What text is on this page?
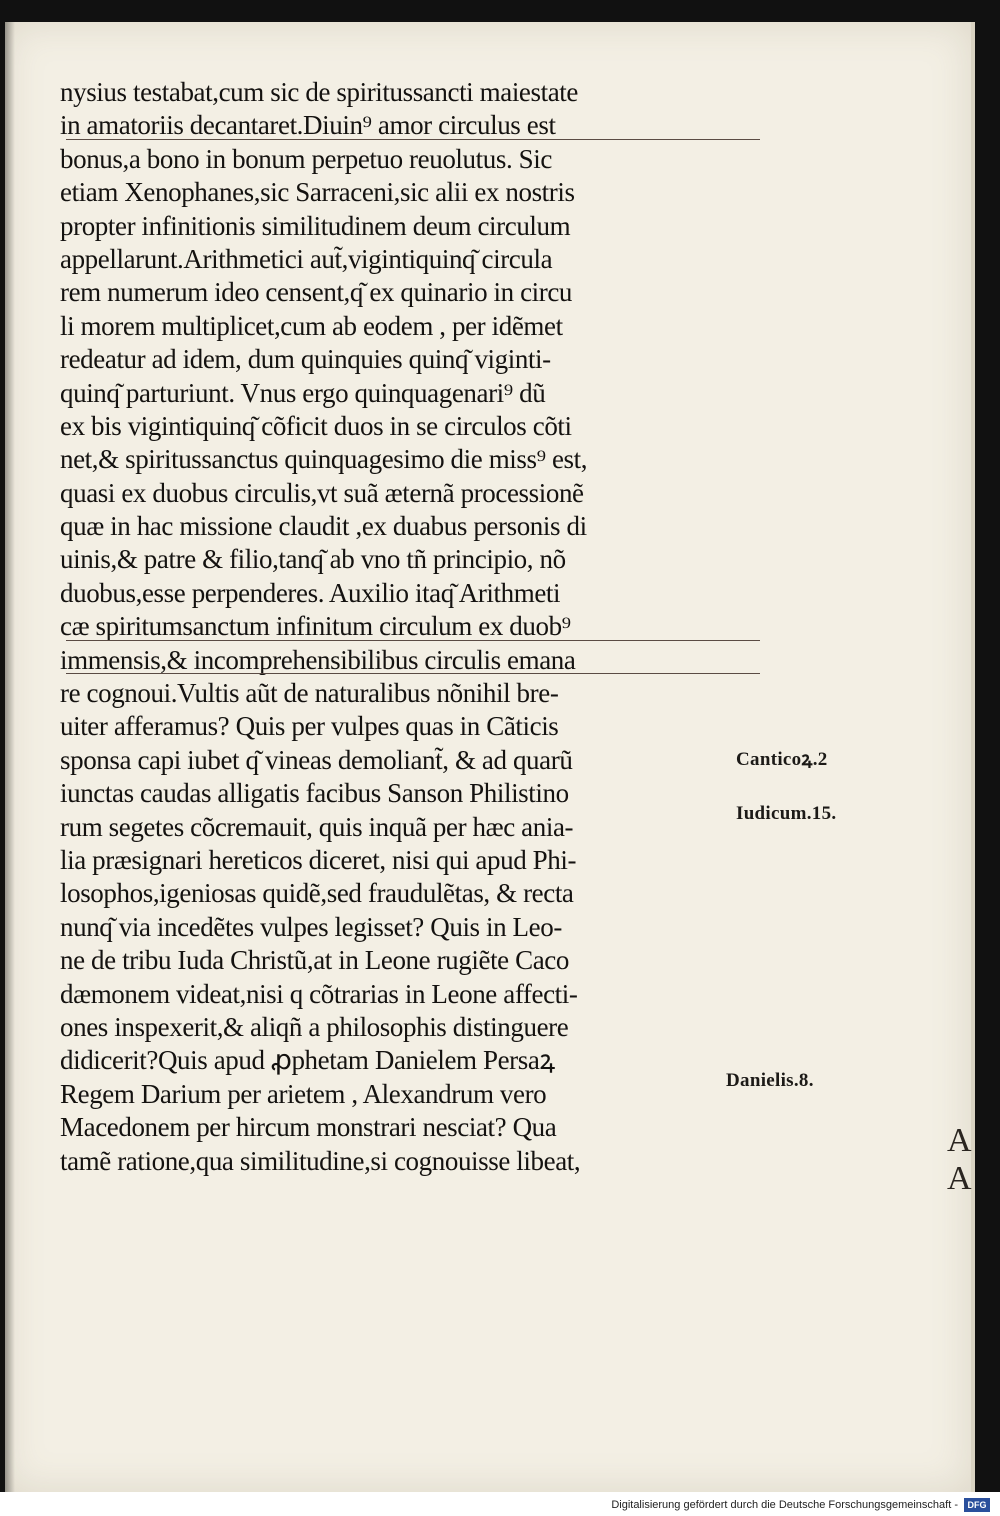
nysius testabat,cum sic de spiritussancti maiestate
in amatoriis decantaret.Diuin⁹ amor circulus est
bonus,a bono in bonum perpetuo reuolutus. Sic
etiam Xenophanes,sic Sarraceni,sic alii ex nostris
propter infinitionis similitudinem deum circulum
appellarunt.Arithmetici aut̃,vigintiquinq͂ circula
rem numerum ideo censent,q͂ ex quinario in circu
li morem multiplicet,cum ab eodem , per idẽmet
redeatur ad idem, dum quinquies quinq͂ viginti-
quinq͂ parturiunt. Vnus ergo quinquagenari⁹ dũ
ex bis vigintiquinq͂ cõficit duos in se circulos cõti
net,& spiritussanctus quinquagesimo die miss⁹ est,
quasi ex duobus circulis,vt suã æternã processionẽ
quæ in hac missione claudit ,ex duabus personis di
uinis,& patre & filio,tanq͂ ab vno tñ principio, nõ
duobus,esse perpenderes. Auxilio itaq͂ Arithmeti
cæ spiritumsanctum infinitum circulum ex duob⁹
immensis,& incomprehensibilibus circulis emana
re cognoui.Vultis aũt de naturalibus nõnihil bre-
uiter afferamus? Quis per vulpes quas in Cãticis
sponsa capi iubet q͂ vineas demoliant̃, & ad quarũ
iunctas caudas alligatis facibus Sanson Philistino
rum segetes cõcremauit, quis inquã per hæc ania-
lia præsignari hereticos diceret, nisi qui apud Phi-
losophos,igeniosas quidẽ,sed fraudulẽtas, & recta
nunq͂ via incedẽtes vulpes legisset? Quis in Leo-
ne de tribu Iuda Christũ,at in Leone rugiẽte Caco
dæmonem videat,nisi q cõtrarias in Leone affecti-
ones inspexerit,& aliqñ a philosophis distinguere
didicerit?Quis apud ꝓphetam Danielem Persaꝝ
Regem Darium per arietem , Alexandrum vero
Macedonem per hircum monstrari nesciat? Qua
tamẽ ratione,qua similitudine,si cognouisse libeat,
Canticoꝝ.2
Iudicum.15.
Danielis.8.
A
A
Digitalisierung gefördert durch die Deutsche Forschungsgemeinschaft -	DFG
